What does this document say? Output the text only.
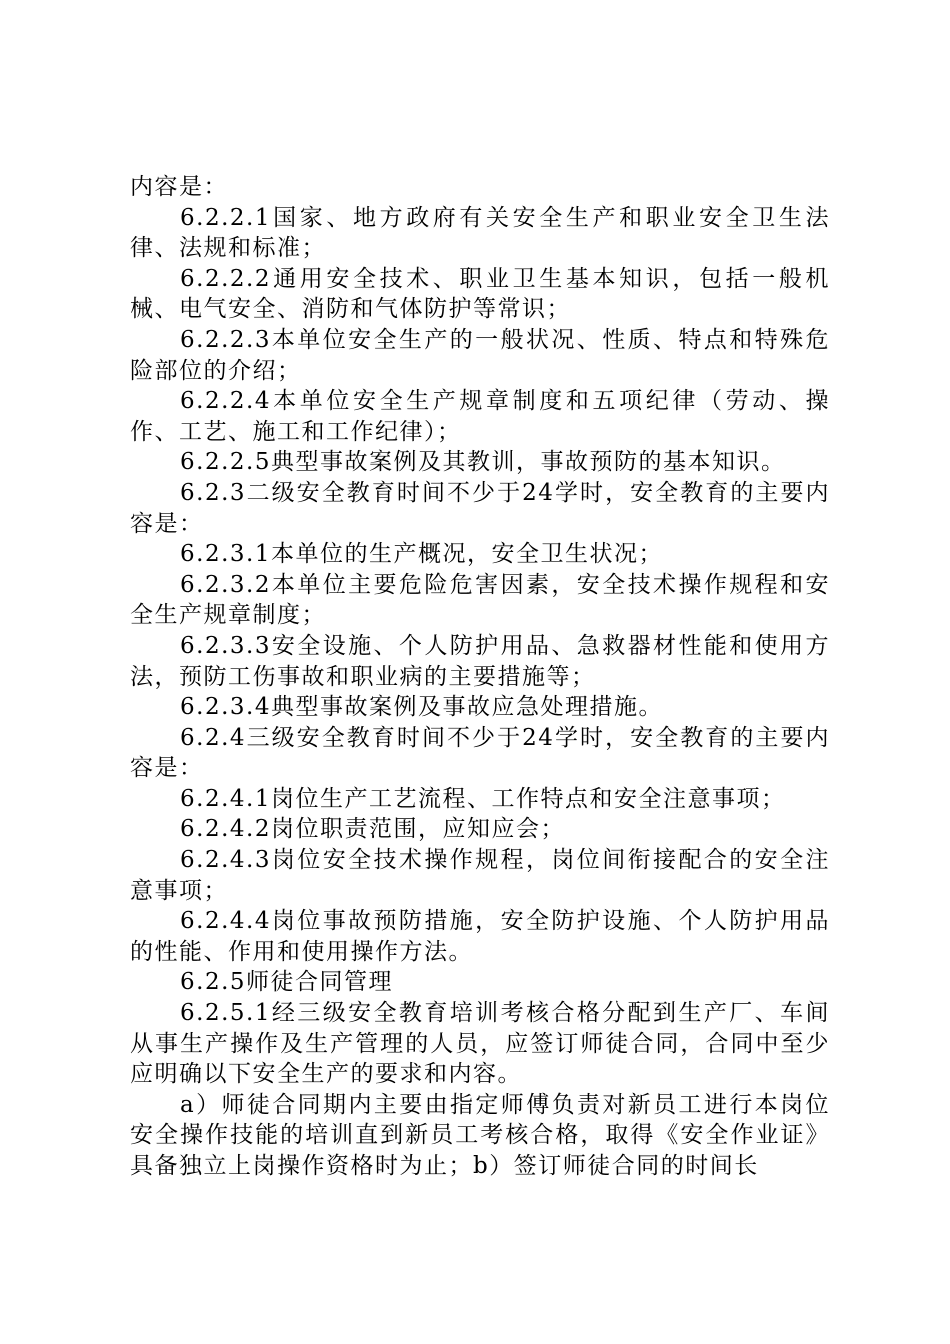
内容是：

6.2.2.1国家、地方政府有关安全生产和职业安全卫生法律、法规和标准；

6.2.2.2通用安全技术、职业卫生基本知识，包括一般机械、电气安全、消防和气体防护等常识；

6.2.2.3本单位安全生产的一般状况、性质、特点和特殊危险部位的介绍；

6.2.2.4本单位安全生产规章制度和五项纪律（劳动、操作、工艺、施工和工作纪律）；

6.2.2.5典型事故案例及其教训，事故预防的基本知识。

6.2.3二级安全教育时间不少于24学时，安全教育的主要内容是：

6.2.3.1本单位的生产概况，安全卫生状况；

6.2.3.2本单位主要危险危害因素，安全技术操作规程和安全生产规章制度；

6.2.3.3安全设施、个人防护用品、急救器材性能和使用方法，预防工伤事故和职业病的主要措施等；

6.2.3.4典型事故案例及事故应急处理措施。

6.2.4三级安全教育时间不少于24学时，安全教育的主要内容是：

6.2.4.1岗位生产工艺流程、工作特点和安全注意事项；

6.2.4.2岗位职责范围，应知应会；

6.2.4.3岗位安全技术操作规程，岗位间衔接配合的安全注意事项；

6.2.4.4岗位事故预防措施，安全防护设施、个人防护用品的性能、作用和使用操作方法。

6.2.5师徒合同管理

6.2.5.1经三级安全教育培训考核合格分配到生产厂、车间从事生产操作及生产管理的人员，应签订师徒合同，合同中至少应明确以下安全生产的要求和内容。

a）师徒合同期内主要由指定师傅负责对新员工进行本岗位安全操作技能的培训直到新员工考核合格，取得《安全作业证》具备独立上岗操作资格时为止；b）签订师徒合同的时间长
